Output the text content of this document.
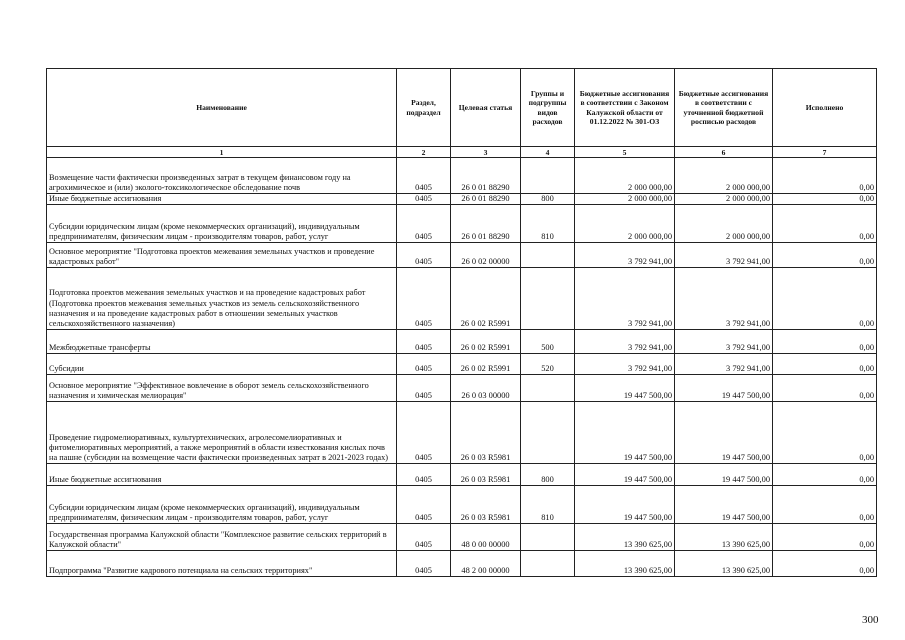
Наименование	Раздел, подраздел	Целевая статья	Группы и подгруппы видов расходов	Бюджетные ассигнования в соответствии с Законом Калужской области от 01.12.2022 № 301-ОЗ	Бюджетные ассигнования в соответствии с уточненной бюджетной росписью расходов	Исполнено
1	2	3	4	5	6	7
Возмещение части фактически произведенных затрат в текущем финансовом году на агрохимическое и (или) эколого-токсикологическое обследование почв	0405	26 0 01 88290		2 000 000,00	2 000 000,00	0,00
Иные бюджетные ассигнования	0405	26 0 01 88290	800	2 000 000,00	2 000 000,00	0,00
Субсидии юридическим лицам (кроме некоммерческих организаций), индивидуальным предпринимателям, физическим лицам - производителям товаров, работ, услуг	0405	26 0 01 88290	810	2 000 000,00	2 000 000,00	0,00
Основное мероприятие "Подготовка проектов межевания земельных участков и проведение кадастровых работ"	0405	26 0 02 00000		3 792 941,00	3 792 941,00	0,00
Подготовка проектов межевания земельных участков и на проведение кадастровых работ (Подготовка проектов межевания земельных участков из земель сельскохозяйственного назначения и на проведение кадастровых работ в отношении земельных участков сельскохозяйственного назначения)	0405	26 0 02 R5991		3 792 941,00	3 792 941,00	0,00
Межбюджетные трансферты	0405	26 0 02 R5991	500	3 792 941,00	3 792 941,00	0,00
Субсидии	0405	26 0 02 R5991	520	3 792 941,00	3 792 941,00	0,00
Основное мероприятие "Эффективное вовлечение в оборот земель сельскохозяйственного назначения и химическая мелиорация"	0405	26 0 03 00000		19 447 500,00	19 447 500,00	0,00
Проведение гидромелиоративных, культуртехнических, агролесомелиоративных и фитомелиоративных мероприятий, а также мероприятий в области известкования кислых почв на пашне (субсидии на возмещение части фактически произведенных затрат в 2021-2023 годах)	0405	26 0 03 R5981		19 447 500,00	19 447 500,00	0,00
Иные бюджетные ассигнования	0405	26 0 03 R5981	800	19 447 500,00	19 447 500,00	0,00
Субсидии юридическим лицам (кроме некоммерческих организаций), индивидуальным предпринимателям, физическим лицам - производителям товаров, работ, услуг	0405	26 0 03 R5981	810	19 447 500,00	19 447 500,00	0,00
Государственная программа Калужской области "Комплексное развитие сельских территорий в Калужской области"	0405	48 0 00 00000		13 390 625,00	13 390 625,00	0,00
Подпрограмма "Развитие кадрового потенциала на сельских территориях"	0405	48 2 00 00000		13 390 625,00	13 390 625,00	0,00
300
